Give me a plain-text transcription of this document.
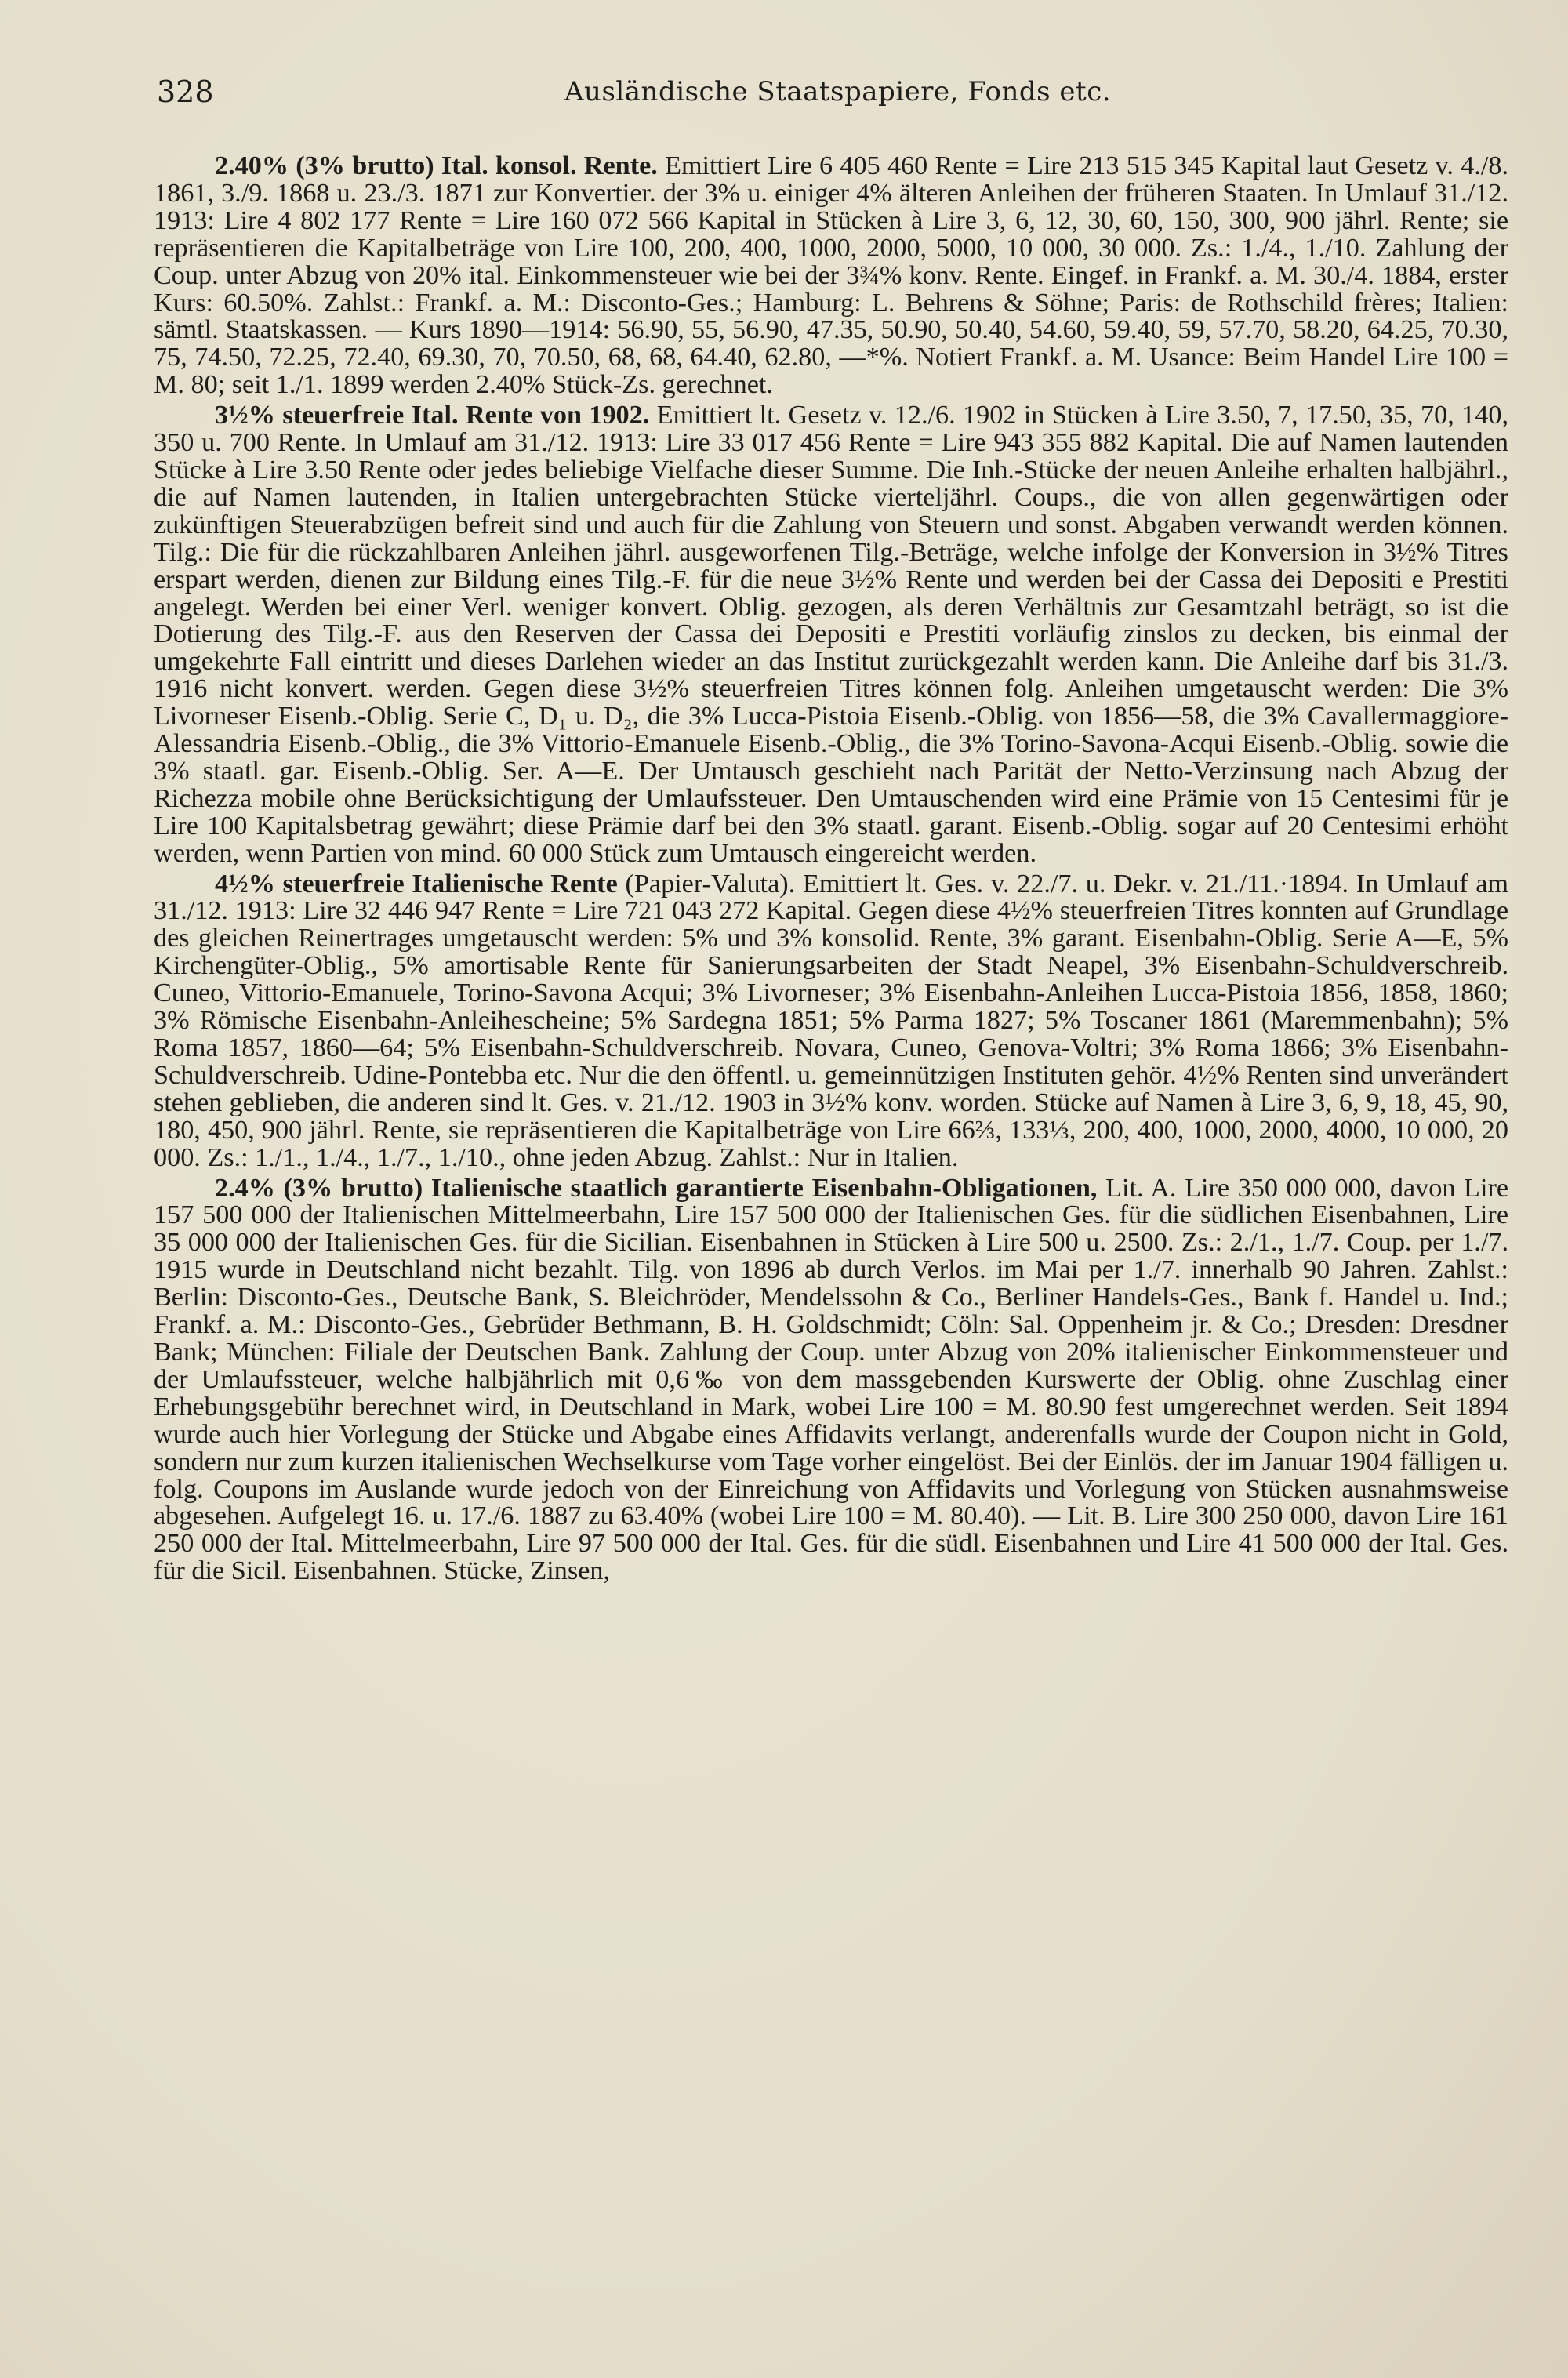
328	Ausländische Staatspapiere, Fonds etc.

2.40% (3% brutto) Ital. konsol. Rente. Emittiert Lire 6 405 460 Rente = Lire 213 515 345 Kapital laut Gesetz v. 4./8. 1861, 3./9. 1868 u. 23./3. 1871 zur Konvertier. der 3% u. einiger 4% älteren Anleihen der früheren Staaten. In Umlauf 31./12. 1913: Lire 4 802 177 Rente = Lire 160 072 566 Kapital in Stücken à Lire 3, 6, 12, 30, 60, 150, 300, 900 jährl. Rente; sie repräsentieren die Kapitalbeträge von Lire 100, 200, 400, 1000, 2000, 5000, 10 000, 30 000. Zs.: 1./4., 1./10. Zahlung der Coup. unter Abzug von 20% ital. Einkommensteuer wie bei der 3¾% konv. Rente. Eingef. in Frankf. a. M. 30./4. 1884, erster Kurs: 60.50%. Zahlst.: Frankf. a. M.: Disconto-Ges.; Hamburg: L. Behrens & Söhne; Paris: de Rothschild frères; Italien: sämtl. Staatskassen. — Kurs 1890—1914: 56.90, 55, 56.90, 47.35, 50.90, 50.40, 54.60, 59.40, 59, 57.70, 58.20, 64.25, 70.30, 75, 74.50, 72.25, 72.40, 69.30, 70, 70.50, 68, 68, 64.40, 62.80, —*%. Notiert Frankf. a. M. Usance: Beim Handel Lire 100 = M. 80; seit 1./1. 1899 werden 2.40% Stück-Zs. gerechnet.

3½% steuerfreie Ital. Rente von 1902. Emittiert lt. Gesetz v. 12./6. 1902 in Stücken à Lire 3.50, 7, 17.50, 35, 70, 140, 350 u. 700 Rente. In Umlauf am 31./12. 1913: Lire 33 017 456 Rente = Lire 943 355 882 Kapital. Die auf Namen lautenden Stücke à Lire 3.50 Rente oder jedes beliebige Vielfache dieser Summe. Die Inh.-Stücke der neuen Anleihe erhalten halbjährl., die auf Namen lautenden, in Italien untergebrachten Stücke vierteljährl. Coups., die von allen gegenwärtigen oder zukünftigen Steuerabzügen befreit sind und auch für die Zahlung von Steuern und sonst. Abgaben verwandt werden können. Tilg.: Die für die rückzahlbaren Anleihen jährl. ausgeworfenen Tilg.-Beträge, welche infolge der Konversion in 3½% Titres erspart werden, dienen zur Bildung eines Tilg.-F. für die neue 3½% Rente und werden bei der Cassa dei Depositi e Prestiti angelegt. Werden bei einer Verl. weniger konvert. Oblig. gezogen, als deren Verhältnis zur Gesamtzahl beträgt, so ist die Dotierung des Tilg.-F. aus den Reserven der Cassa dei Depositi e Prestiti vorläufig zinslos zu decken, bis einmal der umgekehrte Fall eintritt und dieses Darlehen wieder an das Institut zurückgezahlt werden kann. Die Anleihe darf bis 31./3. 1916 nicht konvert. werden. Gegen diese 3½% steuerfreien Titres können folg. Anleihen umgetauscht werden: Die 3% Livorneser Eisenb.-Oblig. Serie C, D₁ u. D₂, die 3% Lucca-Pistoia Eisenb.-Oblig. von 1856—58, die 3% Cavallermaggiore-Alessandria Eisenb.-Oblig., die 3% Vittorio-Emanuele Eisenb.-Oblig., die 3% Torino-Savona-Acqui Eisenb.-Oblig. sowie die 3% staatl. gar. Eisenb.-Oblig. Ser. A—E. Der Umtausch geschieht nach Parität der Netto-Verzinsung nach Abzug der Richezza mobile ohne Berücksichtigung der Umlaufssteuer. Den Umtauschenden wird eine Prämie von 15 Centesimi für je Lire 100 Kapitalsbetrag gewährt; diese Prämie darf bei den 3% staatl. garant. Eisenb.-Oblig. sogar auf 20 Centesimi erhöht werden, wenn Partien von mind. 60 000 Stück zum Umtausch eingereicht werden.

4½% steuerfreie Italienische Rente (Papier-Valuta). Emittiert lt. Ges. v. 22./7. u. Dekr. v. 21./11.·1894. In Umlauf am 31./12. 1913: Lire 32 446 947 Rente = Lire 721 043 272 Kapital. Gegen diese 4½% steuerfreien Titres konnten auf Grundlage des gleichen Reinertrages umgetauscht werden: 5% und 3% konsolid. Rente, 3% garant. Eisenbahn-Oblig. Serie A—E, 5% Kirchengüter-Oblig., 5% amortisable Rente für Sanierungsarbeiten der Stadt Neapel, 3% Eisenbahn-Schuldverschreib. Cuneo, Vittorio-Emanuele, Torino-Savona Acqui; 3% Livorneser; 3% Eisenbahn-Anleihen Lucca-Pistoia 1856, 1858, 1860; 3% Römische Eisenbahn-Anleihescheine; 5% Sardegna 1851; 5% Parma 1827; 5% Toscaner 1861 (Maremmenbahn); 5% Roma 1857, 1860—64; 5% Eisenbahn-Schuldverschreib. Novara, Cuneo, Genova-Voltri; 3% Roma 1866; 3% Eisenbahn-Schuldverschreib. Udine-Pontebba etc. Nur die den öffentl. u. gemeinnützigen Instituten gehör. 4½% Renten sind unverändert stehen geblieben, die anderen sind lt. Ges. v. 21./12. 1903 in 3½% konv. worden. Stücke auf Namen à Lire 3, 6, 9, 18, 45, 90, 180, 450, 900 jährl. Rente, sie repräsentieren die Kapitalbeträge von Lire 66⅔, 133⅓, 200, 400, 1000, 2000, 4000, 10 000, 20 000. Zs.: 1./1., 1./4., 1./7., 1./10., ohne jeden Abzug. Zahlst.: Nur in Italien.

2.4% (3% brutto) Italienische staatlich garantierte Eisenbahn-Obligationen, Lit. A. Lire 350 000 000, davon Lire 157 500 000 der Italienischen Mittelmeerbahn, Lire 157 500 000 der Italienischen Ges. für die südlichen Eisenbahnen, Lire 35 000 000 der Italienischen Ges. für die Sicilian. Eisenbahnen in Stücken à Lire 500 u. 2500. Zs.: 2./1., 1./7. Coup. per 1./7. 1915 wurde in Deutschland nicht bezahlt. Tilg. von 1896 ab durch Verlos. im Mai per 1./7. innerhalb 90 Jahren. Zahlst.: Berlin: Disconto-Ges., Deutsche Bank, S. Bleichröder, Mendelssohn & Co., Berliner Handels-Ges., Bank f. Handel u. Ind.; Frankf. a. M.: Disconto-Ges., Gebrüder Bethmann, B. H. Goldschmidt; Cöln: Sal. Oppenheim jr. & Co.; Dresden: Dresdner Bank; München: Filiale der Deutschen Bank. Zahlung der Coup. unter Abzug von 20% italienischer Einkommensteuer und der Umlaufssteuer, welche halbjährlich mit 0,6‰ von dem massgebenden Kurswerte der Oblig. ohne Zuschlag einer Erhebungsgebühr berechnet wird, in Deutschland in Mark, wobei Lire 100 = M. 80.90 fest umgerechnet werden. Seit 1894 wurde auch hier Vorlegung der Stücke und Abgabe eines Affidavits verlangt, anderenfalls wurde der Coupon nicht in Gold, sondern nur zum kurzen italienischen Wechselkurse vom Tage vorher eingelöst. Bei der Einlös. der im Januar 1904 fälligen u. folg. Coupons im Auslande wurde jedoch von der Einreichung von Affidavits und Vorlegung von Stücken ausnahmsweise abgesehen. Aufgelegt 16. u. 17./6. 1887 zu 63.40% (wobei Lire 100 = M. 80.40). — Lit. B. Lire 300 250 000, davon Lire 161 250 000 der Ital. Mittelmeerbahn, Lire 97 500 000 der Ital. Ges. für die südl. Eisenbahnen und Lire 41 500 000 der Ital. Ges. für die Sicil. Eisenbahnen. Stücke, Zinsen,
